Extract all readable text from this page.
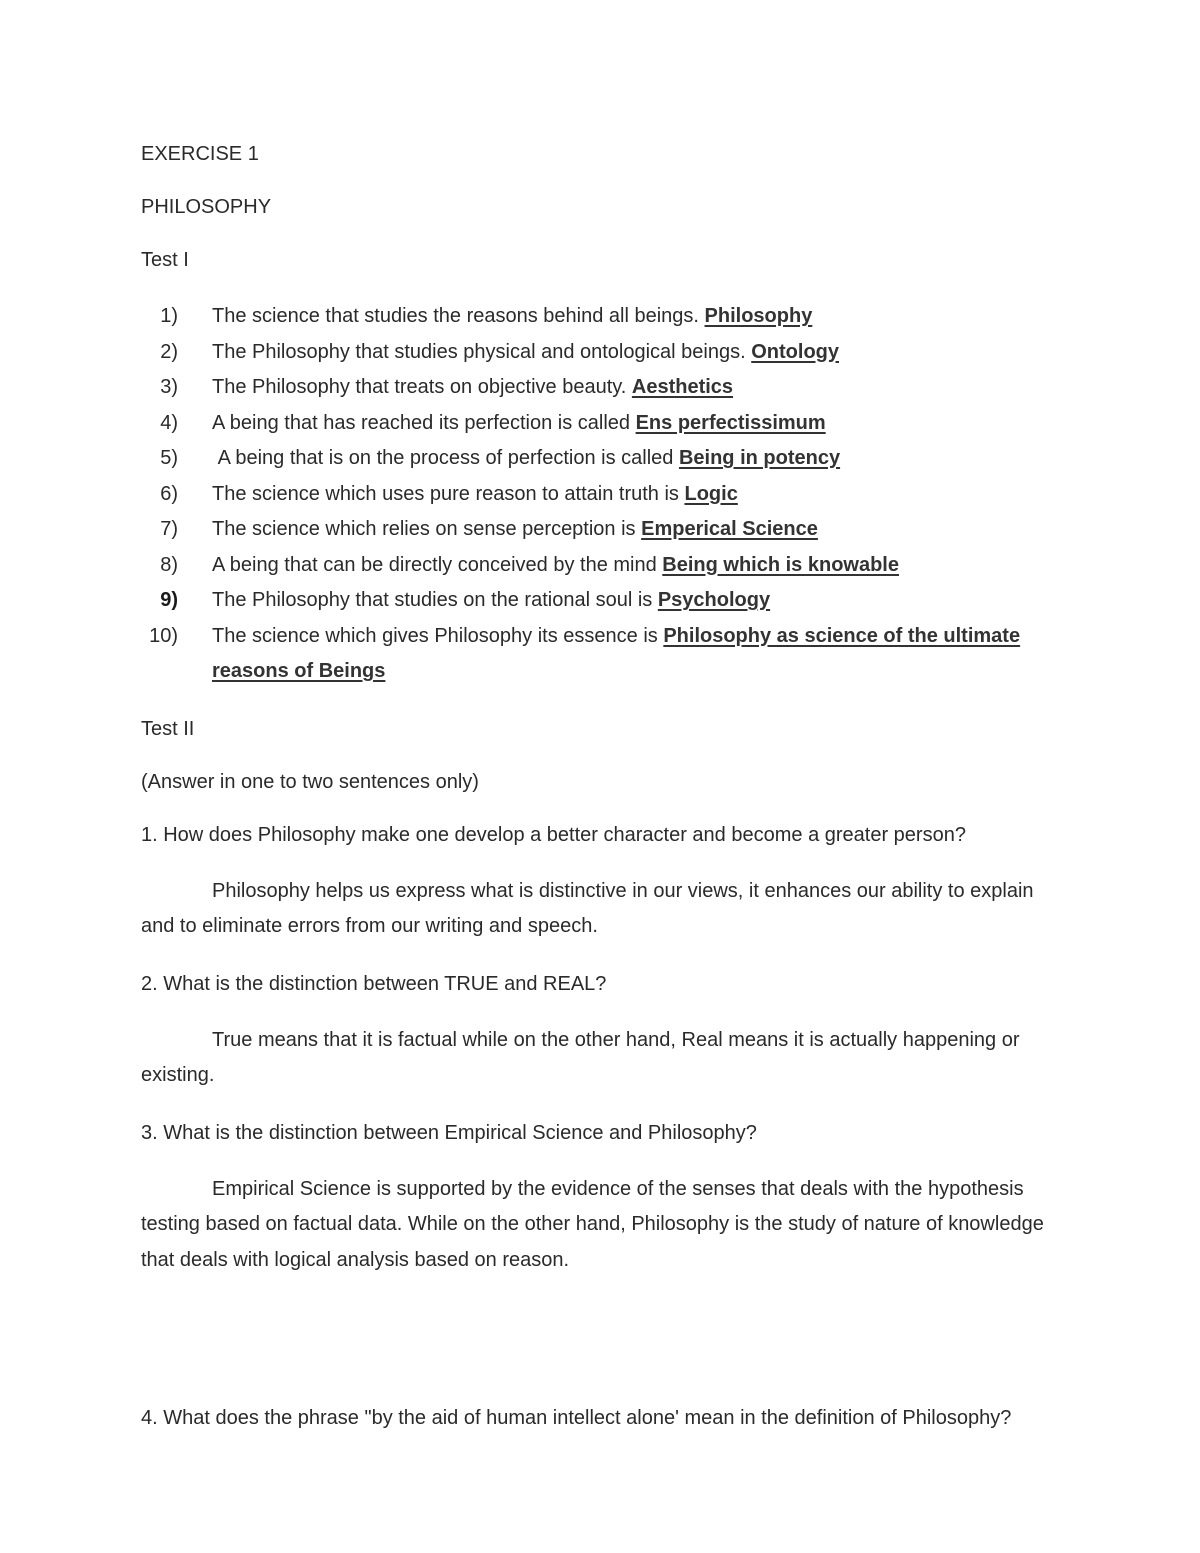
EXERCISE 1

PHILOSOPHY

Test I

1)	The science that studies the reasons behind all beings. Philosophy
2)	The Philosophy that studies physical and ontological beings. Ontology
3)	The Philosophy that treats on objective beauty. Aesthetics
4)	A being that has reached its perfection is called Ens perfectissimum
5)	A being that is on the process of perfection is called Being in potency
6)	The science which uses pure reason to attain truth is Logic
7)	The science which relies on sense perception is Emperical Science
8)	A being that can be directly conceived by the mind Being which is knowable
9)	The Philosophy that studies on the rational soul is Psychology
10)	The science which gives Philosophy its essence is Philosophy as science of the ultimate reasons of Beings

Test II

(Answer in one to two sentences only)

1. How does Philosophy make one develop a better character and become a greater person?

Philosophy helps us express what is distinctive in our views, it enhances our ability to explain and to eliminate errors from our writing and speech.

2. What is the distinction between TRUE and REAL?

True means that it is factual while on the other hand, Real means it is actually happening or existing.

3. What is the distinction between Empirical Science and Philosophy?

Empirical Science is supported by the evidence of the senses that deals with the hypothesis testing based on factual data. While on the other hand, Philosophy is the study of nature of knowledge that deals with logical analysis based on reason.

4. What does the phrase "by the aid of human intellect alone' mean in the definition of Philosophy?
